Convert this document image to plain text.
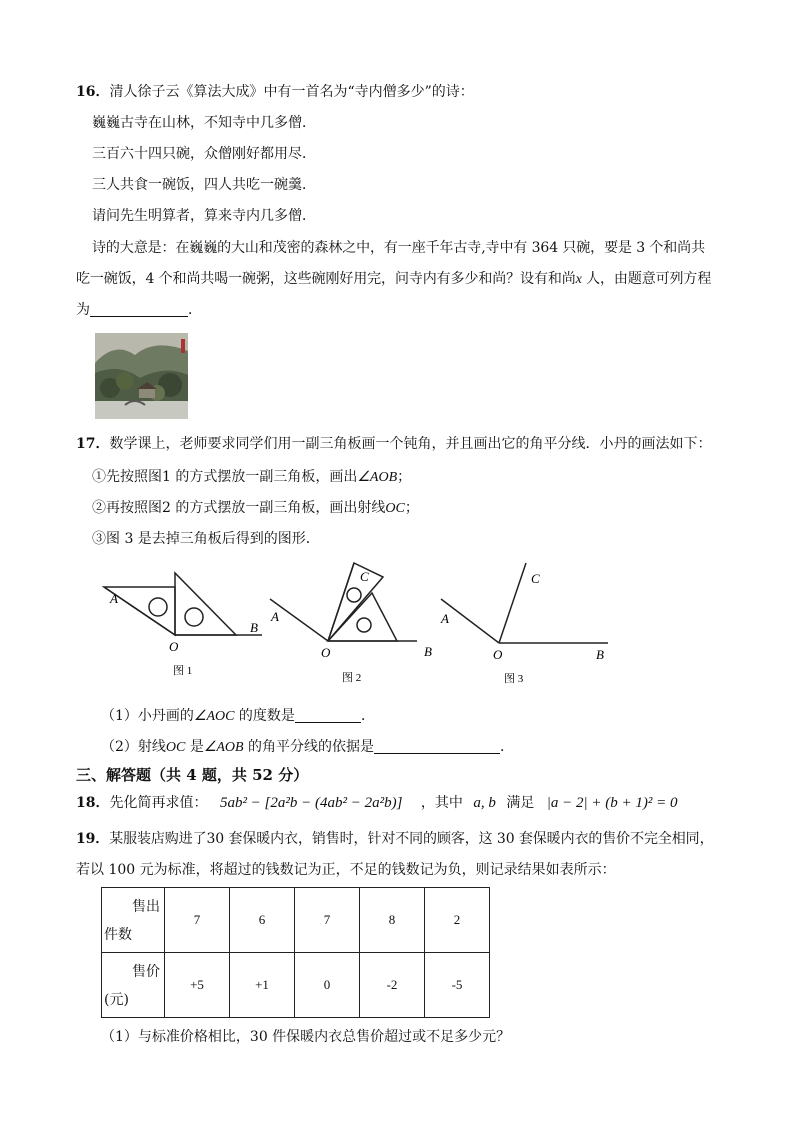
16．清人徐子云《算法大成》中有一首名为“寺内僧多少”的诗：
巍巍古寺在山林，不知寺中几多僧．
三百六十四只碗，众僧刚好都用尽．
三人共食一碗饭，四人共吃一碗羹．
请问先生明算者，算来寺内几多僧．
诗的大意是：在巍巍的大山和茂密的森林之中，有一座千年古寺,寺中有 364 只碗，要是 3 个和尚共
吃一碗饭，4 个和尚共喝一碗粥，这些碗刚好用完，问寺内有多少和尚？设有和尚x 人，由题意可列方程
为	．
17．数学课上，老师要求同学们用一副三角板画一个钝角，并且画出它的角平分线．小丹的画法如下：
①先按照图1 的方式摆放一副三角板，画出∠AOB；
②再按照图2 的方式摆放一副三角板，画出射线OC；
③图 3 是去掉三角板后得到的图形．
A
O
B
图 1
A
C
O	B
图 2
A
C
O	B
图 3
（1）小丹画的∠AOC 的度数是	．
（2）射线OC 是∠AOB 的角平分线的依据是	．
三、解答题（共 4 题，共 52 分）
18．先化简再求值： 5ab² − [2a²b − (4ab² − 2a²b)] ，其中 a, b 满足 |a − 2| + (b + 1)² = 0
19．某服装店购进了30 套保暖内衣，销售时，针对不同的顾客，这 30 套保暖内衣的售价不完全相同，
若以 100 元为标准，将超过的钱数记为正，不足的钱数记为负，则记录结果如表所示：
售出
件数	7	6	7	8	2

售价
(元)	+5	+1	0	-2	-5
（1）与标准价格相比，30 件保暖内衣总售价超过或不足多少元？
